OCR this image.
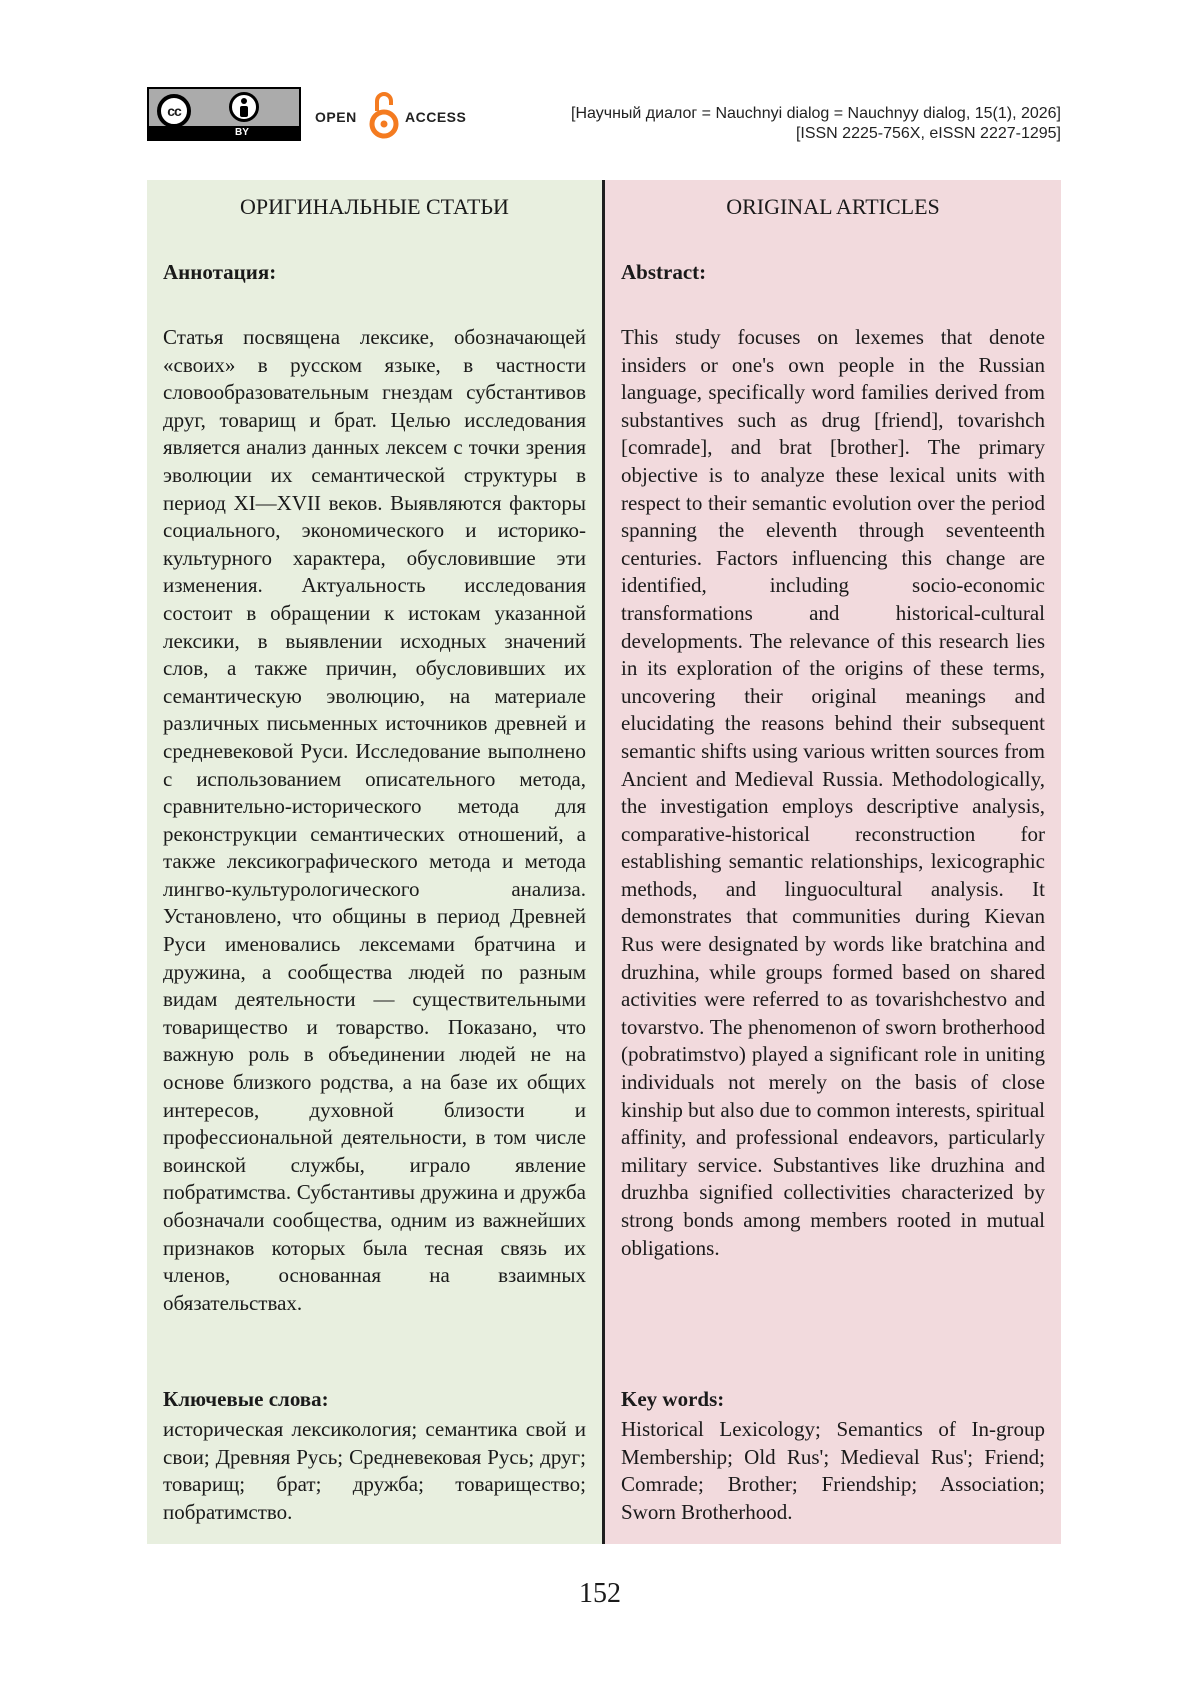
cc
BY
OPEN	ACCESS	[Научный диалог = Nauchnyi dialog = Nauchnyy dialog, 15(1), 2026]
[ISSN 2225-756X, eISSN 2227-1295]
ОРИГИНАЛЬНЫЕ СТАТЬИ
Аннотация:
Статья посвящена лексике, обозначающей «своих» в русском языке, в частности словообразовательным гнездам субстантивов друг, товарищ и брат. Целью исследования является анализ данных лексем с точки зрения эволюции их семантической структуры в период XI—XVII веков. Выявляются факторы социального, экономического и историко-культурного характера, обусловившие эти изменения. Актуальность исследования состоит в обращении к истокам указанной лексики, в выявлении исходных значений слов, а также причин, обусловивших их семантическую эволюцию, на материале различных письменных источников древней и средневековой Руси. Исследование выполнено с использованием описательного метода, сравнительно-исторического метода для реконструкции семантических отношений, а также лексикографического метода и метода лингво-культурологического анализа. Установлено, что общины в период Древней Руси именовались лексемами братчина и дружина, а сообщества людей по разным видам деятельности — существительными товарищество и товарство. Показано, что важную роль в объединении людей не на основе близкого родства, а на базе их общих интересов, духовной близости и профессиональной деятельности, в том числе воинской службы, играло явление побратимства. Субстантивы дружина и дружба обозначали сообщества, одним из важнейших признаков которых была тесная связь их членов, основанная на взаимных обязательствах.
Ключевые слова:
историческая лексикология; семантика свой и свои; Древняя Русь; Средневековая Русь; друг; товарищ; брат; дружба; товарищество; побратимство.
ORIGINAL ARTICLES
Abstract:
This study focuses on lexemes that denote insiders or one's own people in the Russian language, specifically word families derived from substantives such as drug [friend], tovarishch [comrade], and brat [brother]. The primary objective is to analyze these lexical units with respect to their semantic evolution over the period spanning the eleventh through seventeenth centuries. Factors influencing this change are identified, including socio-economic transformations and historical-cultural developments. The relevance of this research lies in its exploration of the origins of these terms, uncovering their original meanings and elucidating the reasons behind their subsequent semantic shifts using various written sources from Ancient and Medieval Russia. Methodologically, the investigation employs descriptive analysis, comparative-historical reconstruction for establishing semantic relationships, lexicographic methods, and linguocultural analysis. It demonstrates that communities during Kievan Rus were designated by words like bratchina and druzhina, while groups formed based on shared activities were referred to as tovarishchestvo and tovarstvo. The phenomenon of sworn brotherhood (pobratimstvo) played a significant role in uniting individuals not merely on the basis of close kinship but also due to common interests, spiritual affinity, and professional endeavors, particularly military service. Substantives like druzhina and druzhba signified collectivities characterized by strong bonds among members rooted in mutual obligations.
Key words:
Historical Lexicology; Semantics of In-group Membership; Old Rus'; Medieval Rus'; Friend; Comrade; Brother; Friendship; Association; Sworn Brotherhood.
152
